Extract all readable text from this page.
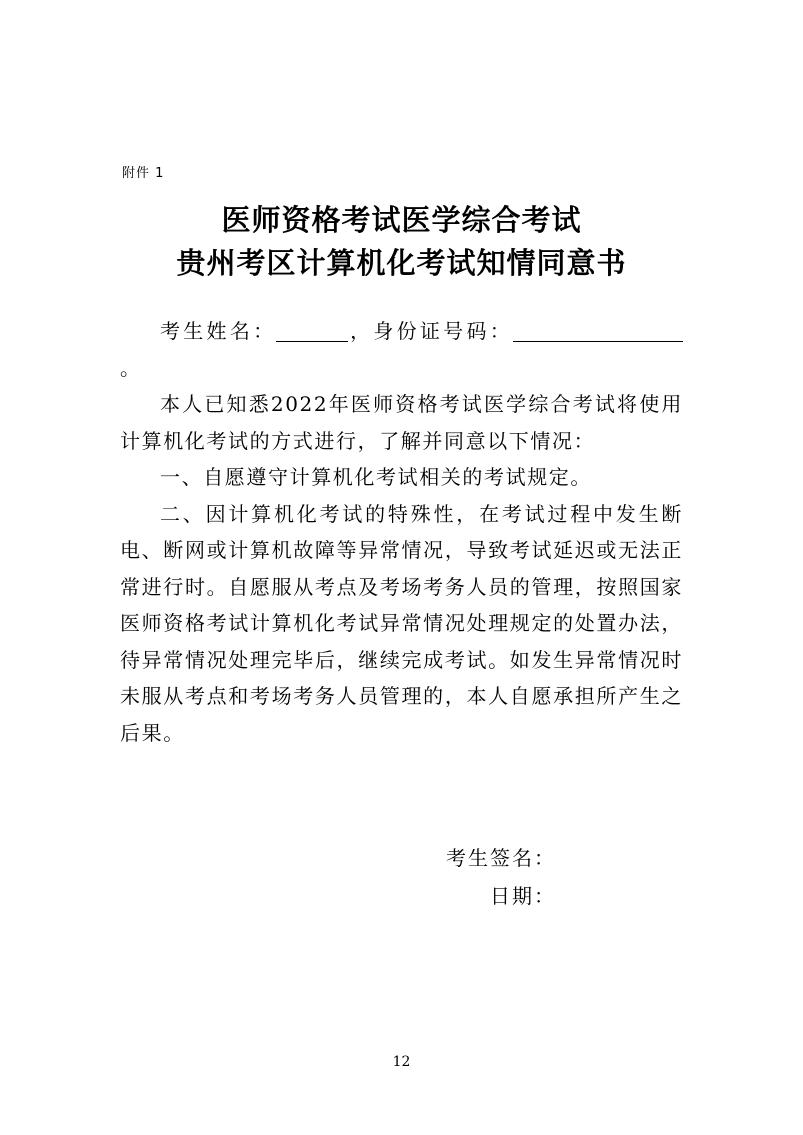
附件 1
医师资格考试医学综合考试
贵州考区计算机化考试知情同意书

考生姓名：	，身份证号码： 。

本人已知悉2022年医师资格考试医学综合考试将使用计算机化考试的方式进行，了解并同意以下情况：

一、自愿遵守计算机化考试相关的考试规定。

二、因计算机化考试的特殊性，在考试过程中发生断电、断网或计算机故障等异常情况，导致考试延迟或无法正常进行时。自愿服从考点及考场考务人员的管理，按照国家医师资格考试计算机化考试异常情况处理规定的处置办法，待异常情况处理完毕后，继续完成考试。如发生异常情况时未服从考点和考场考务人员管理的，本人自愿承担所产生之后果。

考生签名：
日期：
12
